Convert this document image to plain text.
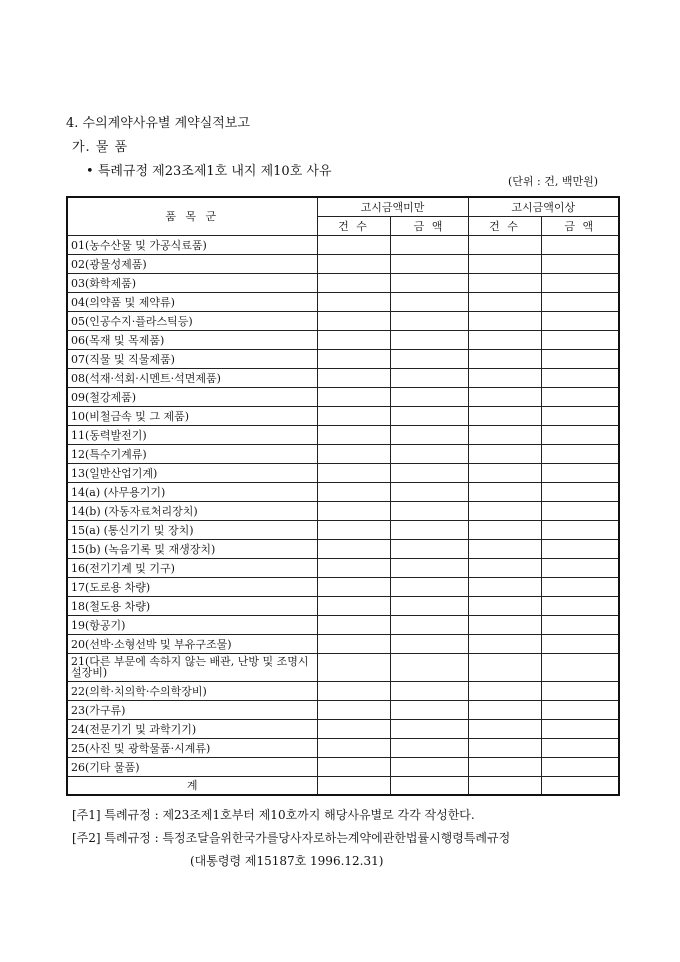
4. 수의계약사유별 계약실적보고
가. 물 품
• 특례규정 제23조제1호 내지 제10호 사유
(단위 : 건, 백만원)
품 목 군	고시금액미만		고시금액이상	
	건 수	금 액	건 수	금 액
01(농수산물 및 가공식료품)				
02(광물성제품)				
03(화학제품)				
04(의약품 및 제약류)				
05(인공수지·플라스틱등)				
06(목재 및 목제품)				
07(직물 및 직물제품)				
08(석재·석회·시멘트·석면제품)				
09(철강제품)				
10(비철금속 및 그 제품)				
11(동력발전기)				
12(특수기계류)				
13(일반산업기계)				
14(a) (사무용기기)				
14(b) (자동자료처리장치)				
15(a) (통신기기 및 장치)				
15(b) (녹음기록 및 재생장치)				
16(전기기계 및 기구)				
17(도로용 차량)				
18(철도용 차량)				
19(항공기)				
20(선박·소형선박 및 부유구조물)				
21(다른 부문에 속하지 않는 배관, 난방 및 조명시설장비)				
22(의학·치의학·수의학장비)				
23(가구류)				
24(전문기기 및 과학기기)				
25(사진 및 광학물품·시계류)				
26(기타 물품)				
계				
[주1] 특례규정 : 제23조제1호부터 제10호까지 해당사유별로 각각 작성한다.
[주2] 특례규정 : 특정조달을위한국가를당사자로하는계약에관한법률시행령특례규정
(대통령령 제15187호 1996.12.31)
